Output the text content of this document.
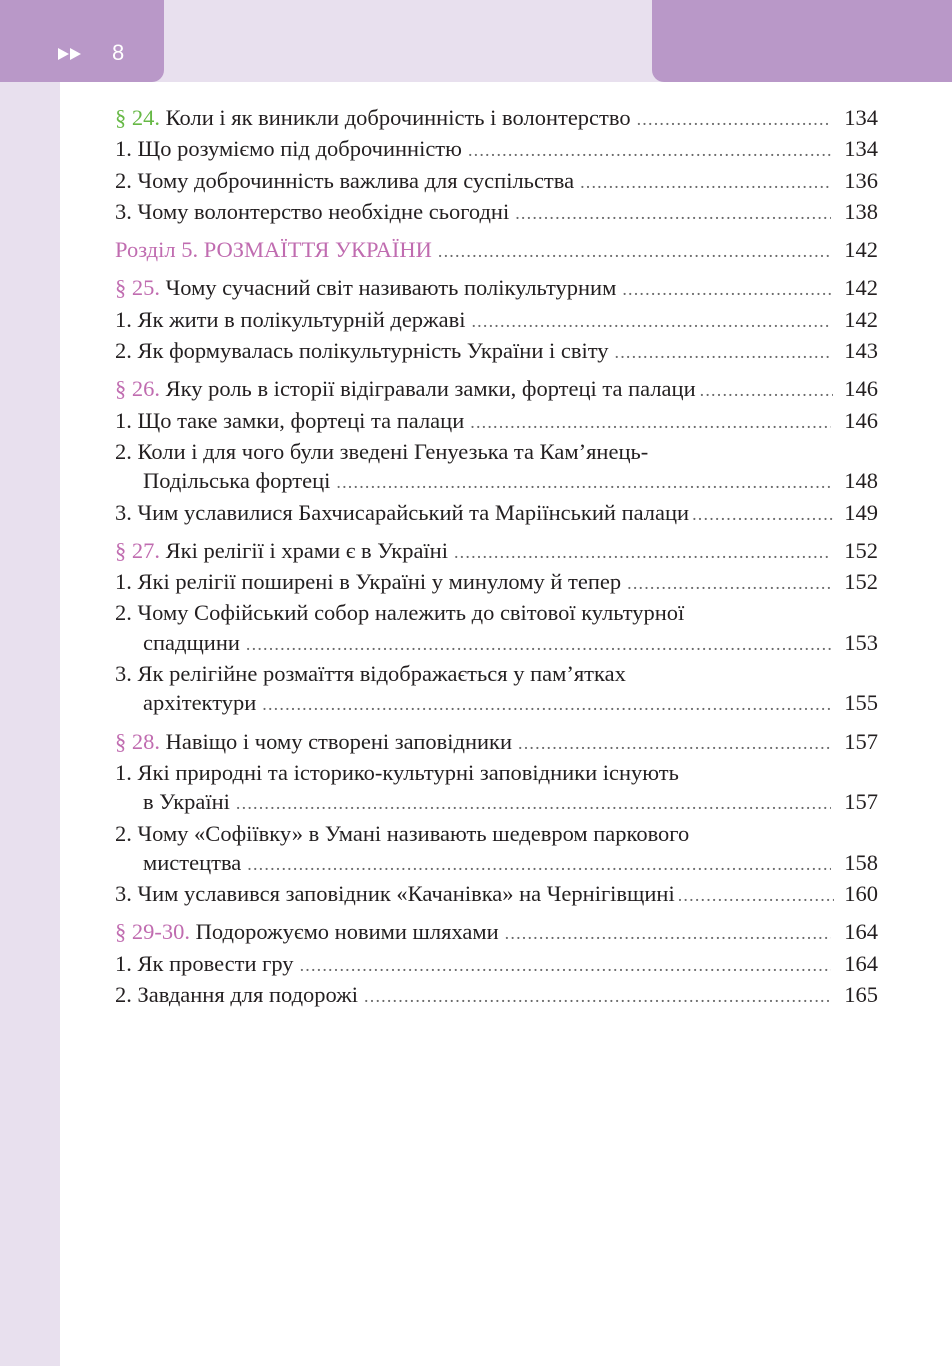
8
§ 24. Коли і як виникли доброчинність і волонтерство .....	134
1. Що розуміємо під доброчинністю .....	134
2. Чому доброчинність важлива для суспільства .....	136
3. Чому волонтерство необхідне сьогодні .....	138
Розділ 5. РОЗМАЇТТЯ УКРАЇНИ .....	142
§ 25. Чому сучасний світ називають полікультурним .....	142
1. Як жити в полікультурній державі .....	142
2. Як формувалась полікультурність України і світу .....	143
§ 26. Яку роль в історії відігравали замки, фортеці та палаци .....	146
1. Що таке замки, фортеці та палаци .....	146
2. Коли і для чого були зведені Генуезька та Кам’янець-
Подільська фортеці .....	148
3. Чим уславилися Бахчисарайський та Маріїнський палаци .....	149
§ 27. Які релігії і храми є в Україні .....	152
1. Які релігії поширені в Україні у минулому й тепер .....	152
2. Чому Софійський собор належить до світової культурної
спадщини .....	153
3. Як релігійне розмаїття відображається у пам’ятках
архітектури .....	155
§ 28. Навіщо і чому створені заповідники .....	157
1. Які природні та історико-культурні заповідники існують
в Україні .....	157
2. Чому «Софіївку» в Умані називають шедевром паркового
мистецтва .....	158
3. Чим уславився заповідник «Качанівка» на Чернігівщині .....	160
§ 29-30. Подорожуємо новими шляхами .....	164
1. Як провести гру .....	164
2. Завдання для подорожі .....	165
